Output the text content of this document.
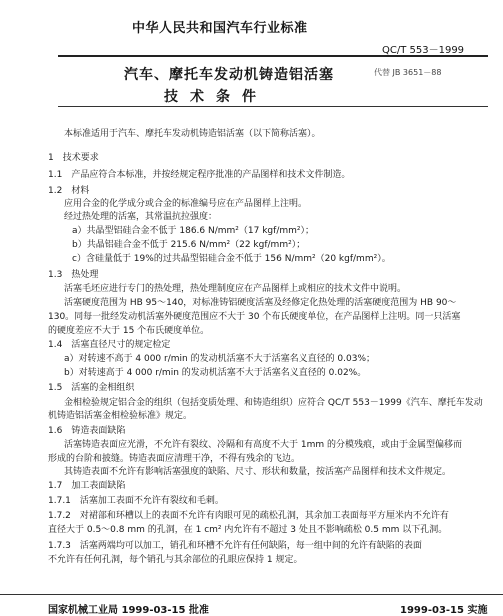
中华人民共和国汽车行业标准
QC/T 553－1999
汽车、摩托车发动机铸造铝活塞	代替 JB 3651－88
技术条件
本标准适用于汽车、摩托车发动机铸造铝活塞（以下简称活塞）。
1　技术要求
1.1　产品应符合本标准，并按经规定程序批准的产品图样和技术文件制造。
1.2　材料
应用合金的化学成分或合金的标准编号应在产品图样上注明。
经过热处理的活塞，其常温抗拉强度：
a）共晶型铝硅合金不低于 186.6 N/mm²（17 kgf/mm²）；
b）共晶铝硅合金不低于 215.6 N/mm²（22 kgf/mm²）；
c）含硅量低于 19%的过共晶型铝硅合金不低于 156 N/mm²（20 kgf/mm²）。
1.3　热处理
活塞毛坯应进行专门的热处理，热处理制度应在产品图样上或相应的技术文件中说明。
活塞硬度范围为 HB 95～140，对标准铸铝硬度活塞及经修定化热处理的活塞硬度范围为 HB 90～
130。同每一批经发动机活塞外硬度范围应不大于 30 个布氏硬度单位，在产品图样上注明。同一只活塞
的硬度差应不大于 15 个布氏硬度单位。
1.4　活塞直径尺寸的规定检定
a）对转速不高于 4 000 r/min 的发动机活塞不大于活塞名义直径的 0.03%；
b）对转速高于 4 000 r/min 的发动机活塞不大于活塞名义直径的 0.02%。
1.5　活塞的金相组织
金相检验规定铝合金的组织（包括变质处理、和铸造组织）应符合 QC/T 553－1999《汽车、摩托车发动
机铸造铝活塞金相检验标准》规定。
1.6　铸造表面缺陷
活塞铸造表面应光滑，不允许有裂纹、冷隔和有高度不大于 1mm 的分模残痕，或由于金属型偏移而
形成的台阶和披缝。铸造表面应清理干净，不得有残余的飞边。
其铸造表面不允许有影响活塞强度的缺陷、尺寸、形状和数量，按活塞产品图样和技术文件规定。
1.7　加工表面缺陷
1.7.1　活塞加工表面不允许有裂纹和毛刺。
1.7.2　对裙部和环槽以上的表面不允许有肉眼可见的疏松孔洞，其余加工表面每平方厘米内不允许有
直径大于 0.5～0.8 mm 的孔洞，在 1 cm² 内允许有不超过 3 处且不影响疏松 0.5 mm 以下孔洞。
1.7.3　活塞两端均可以加工，销孔和环槽不允许有任何缺陷，每一组中间的允许有缺陷的表面
不允许有任何孔洞，每个销孔与其余部位的孔眼应保持 1 规定。
国家机械工业局 1999-03-15 批准	1999-03-15 实施
